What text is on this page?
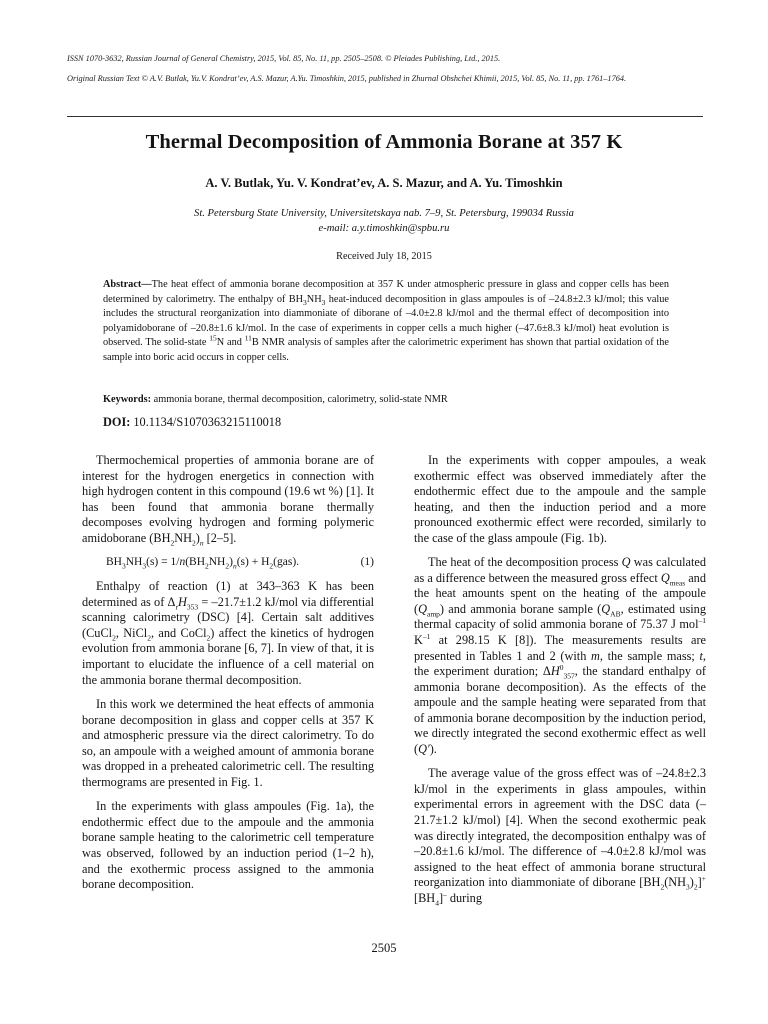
ISSN 1070-3632, Russian Journal of General Chemistry, 2015, Vol. 85, No. 11, pp. 2505–2508. © Pleiades Publishing, Ltd., 2015.
Original Russian Text © A.V. Butlak, Yu.V. Kondrat’ev, A.S. Mazur, A.Yu. Timoshkin, 2015, published in Zhurnal Obshchei Khimii, 2015, Vol. 85, No. 11, pp. 1761–1764.
Thermal Decomposition of Ammonia Borane at 357 K
A. V. Butlak, Yu. V. Kondrat’ev, A. S. Mazur, and A. Yu. Timoshkin
St. Petersburg State University, Universitetskaya nab. 7–9, St. Petersburg, 199034 Russia
e-mail: a.y.timoshkin@spbu.ru
Received July 18, 2015
Abstract—The heat effect of ammonia borane decomposition at 357 K under atmospheric pressure in glass and copper cells has been determined by calorimetry. The enthalpy of $BH_3NH_3$ heat-induced decomposition in glass ampoules is of –24.8±2.3 kJ/mol; this value includes the structural reorganization into diammoniate of diborane of –4.0±2.8 kJ/mol and the thermal effect of decomposition into polyamidoborane of –20.8±1.6 kJ/mol. In the case of experiments in copper cells a much higher (–47.6±8.3 kJ/mol) heat evolution is observed. The solid-state $^{15}$N and $^{11}$B NMR analysis of samples after the calorimetric experiment has shown that partial oxidation of the sample into boric acid occurs in copper cells.
Keywords: ammonia borane, thermal decomposition, calorimetry, solid-state NMR
DOI: 10.1134/S1070363215110018

Thermochemical properties of ammonia borane are of interest for the hydrogen energetics in connection with high hydrogen content in this compound (19.6 wt %) [1]. It has been found that ammonia borane thermally decomposes evolving hydrogen and forming polymeric amidoborane $(BH_2NH_2)_n$ [2–5].

$BH_3NH_3(s) = 1/n(BH_2NH_2)_n(s) + H_2(gas)$.	(1)

Enthalpy of reaction (1) at 343–363 K has been determined as of $\Delta_rH_{353} = -21.7\pm 1.2$ kJ/mol via differential scanning calorimetry (DSC) [4]. Certain salt additives (CuCl$_2$, NiCl$_2$, and CoCl$_2$) affect the kinetics of hydrogen evolution from ammonia borane [6, 7]. In view of that, it is important to elucidate the influence of a cell material on the ammonia borane thermal decomposition.

In this work we determined the heat effects of ammonia borane decomposition in glass and copper cells at 357 K and atmospheric pressure via the direct calorimetry. To do so, an ampoule with a weighed amount of ammonia borane was dropped in a preheated calorimetric cell. The resulting thermograms are presented in Fig. 1.

In the experiments with glass ampoules (Fig. 1a), the endothermic effect due to the ampoule and the ammonia borane sample heating to the calorimetric cell temperature was observed, followed by an induction period (1–2 h), and the exothermic process assigned to the ammonia borane decomposition.

In the experiments with copper ampoules, a weak exothermic effect was observed immediately after the endothermic effect due to the ampoule and the sample heating, and then the induction period and a more pronounced exothermic effect were recorded, similarly to the case of the glass ampoule (Fig. 1b).

The heat of the decomposition process Q was calculated as a difference between the measured gross effect $Q_{meas}$ and the heat amounts spent on the heating of the ampoule $(Q_{amp})$ and ammonia borane sample ($Q_{AB}$, estimated using thermal capacity of solid ammonia borane of 75.37 J mol$^{-1}$ $K^{-1}$ at 298.15 K [8]). The measurements results are presented in Tables 1 and 2 (with m, the sample mass; t, the experiment duration; $\Delta H^0_{357}$, the standard enthalpy of ammonia borane decomposition). As the effects of the ampoule and the sample heating were separated from that of ammonia borane decomposition by the induction period, we directly integrated the second exothermic effect as well (Q′).

The average value of the gross effect was of –24.8±2.3 kJ/mol in the experiments in glass ampoules, within experimental errors in agreement with the DSC data (–21.7±1.2 kJ/mol) [4]. When the second exothermic peak was directly integrated, the decomposition enthalpy was of –20.8±1.6 kJ/mol. The difference of –4.0±2.8 kJ/mol was assigned to the heat effect of ammonia borane structural reorganization into diammoniate of diborane $[BH_2(NH_3)_2]^+[BH_4]^-$ during

2505
